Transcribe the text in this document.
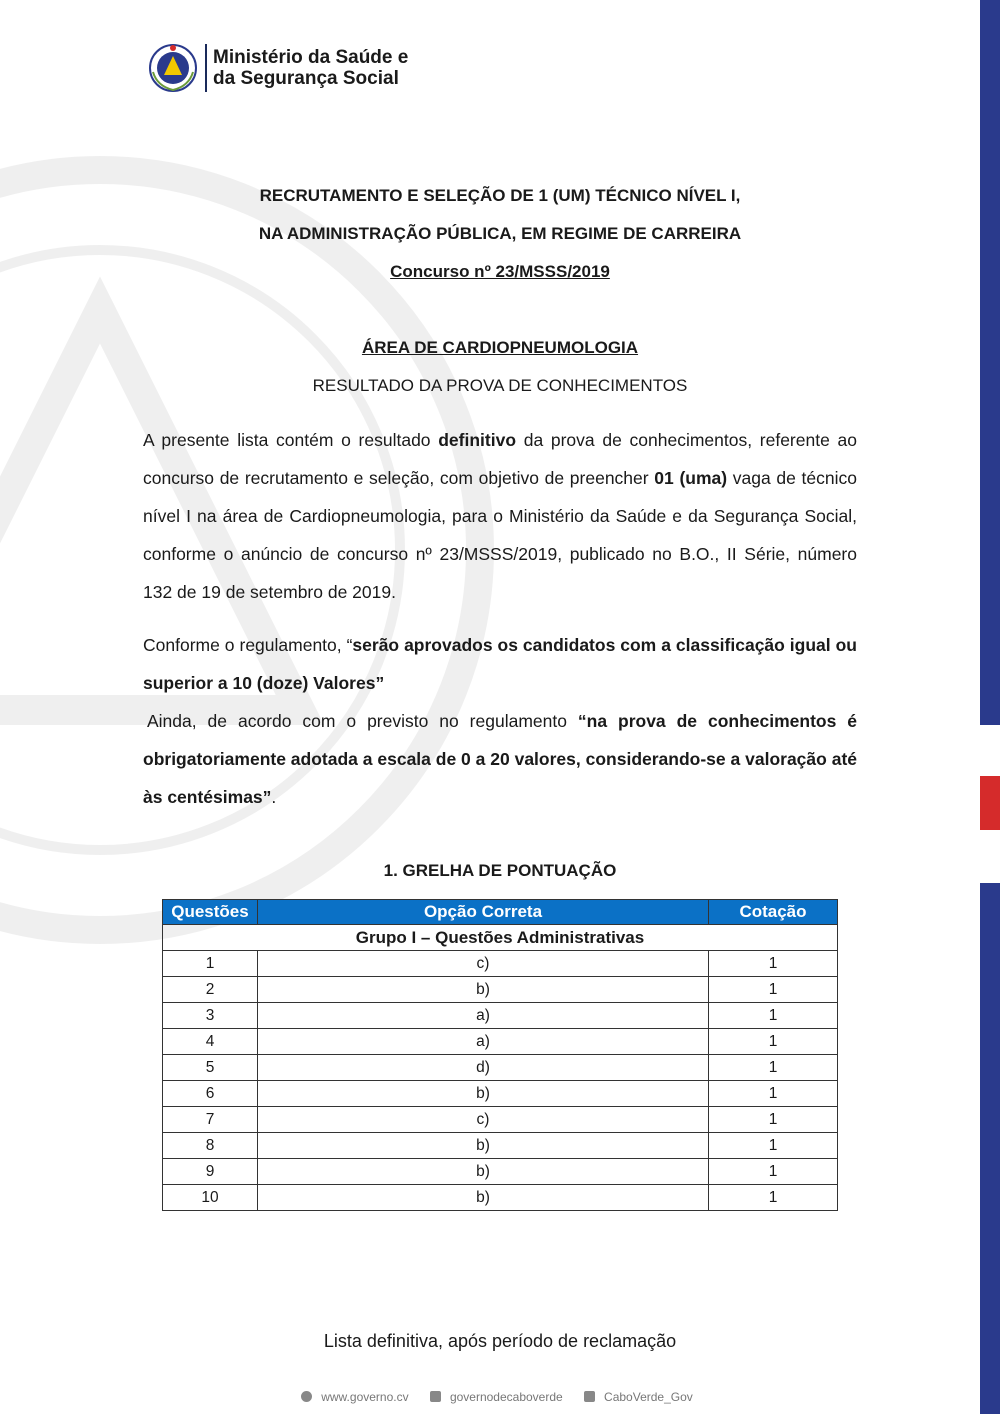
Ministério da Saúde e
da Segurança Social
RECRUTAMENTO E SELEÇÃO DE 1 (UM) TÉCNICO NÍVEL I,
NA ADMINISTRAÇÃO PÚBLICA, EM REGIME DE CARREIRA
Concurso nº 23/MSSS/2019
ÁREA DE CARDIOPNEUMOLOGIA
RESULTADO DA PROVA DE CONHECIMENTOS
A presente lista contém o resultado definitivo da prova de conhecimentos, referente ao concurso de recrutamento e seleção, com objetivo de preencher 01 (uma) vaga de técnico nível I na área de Cardiopneumologia, para o Ministério da Saúde e da Segurança Social, conforme o anúncio de concurso nº 23/MSSS/2019, publicado no B.O., II Série, número 132 de 19 de setembro de 2019.
Conforme o regulamento, “serão aprovados os candidatos com a classificação igual ou superior a 10 (doze) Valores”
Ainda, de acordo com o previsto no regulamento “na prova de conhecimentos é obrigatoriamente adotada a escala de 0 a 20 valores, considerando-se a valoração até às centésimas”.
1. GRELHA DE PONTUAÇÃO
Questões	Opção Correta	Cotação
Grupo I – Questões Administrativas		
1	c)	1
2	b)	1
3	a)	1
4	a)	1
5	d)	1
6	b)	1
7	c)	1
8	b)	1
9	b)	1
10	b)	1
Lista definitiva, após período de reclamação
www.governo.cv	governodecaboverde	CaboVerde_Gov
